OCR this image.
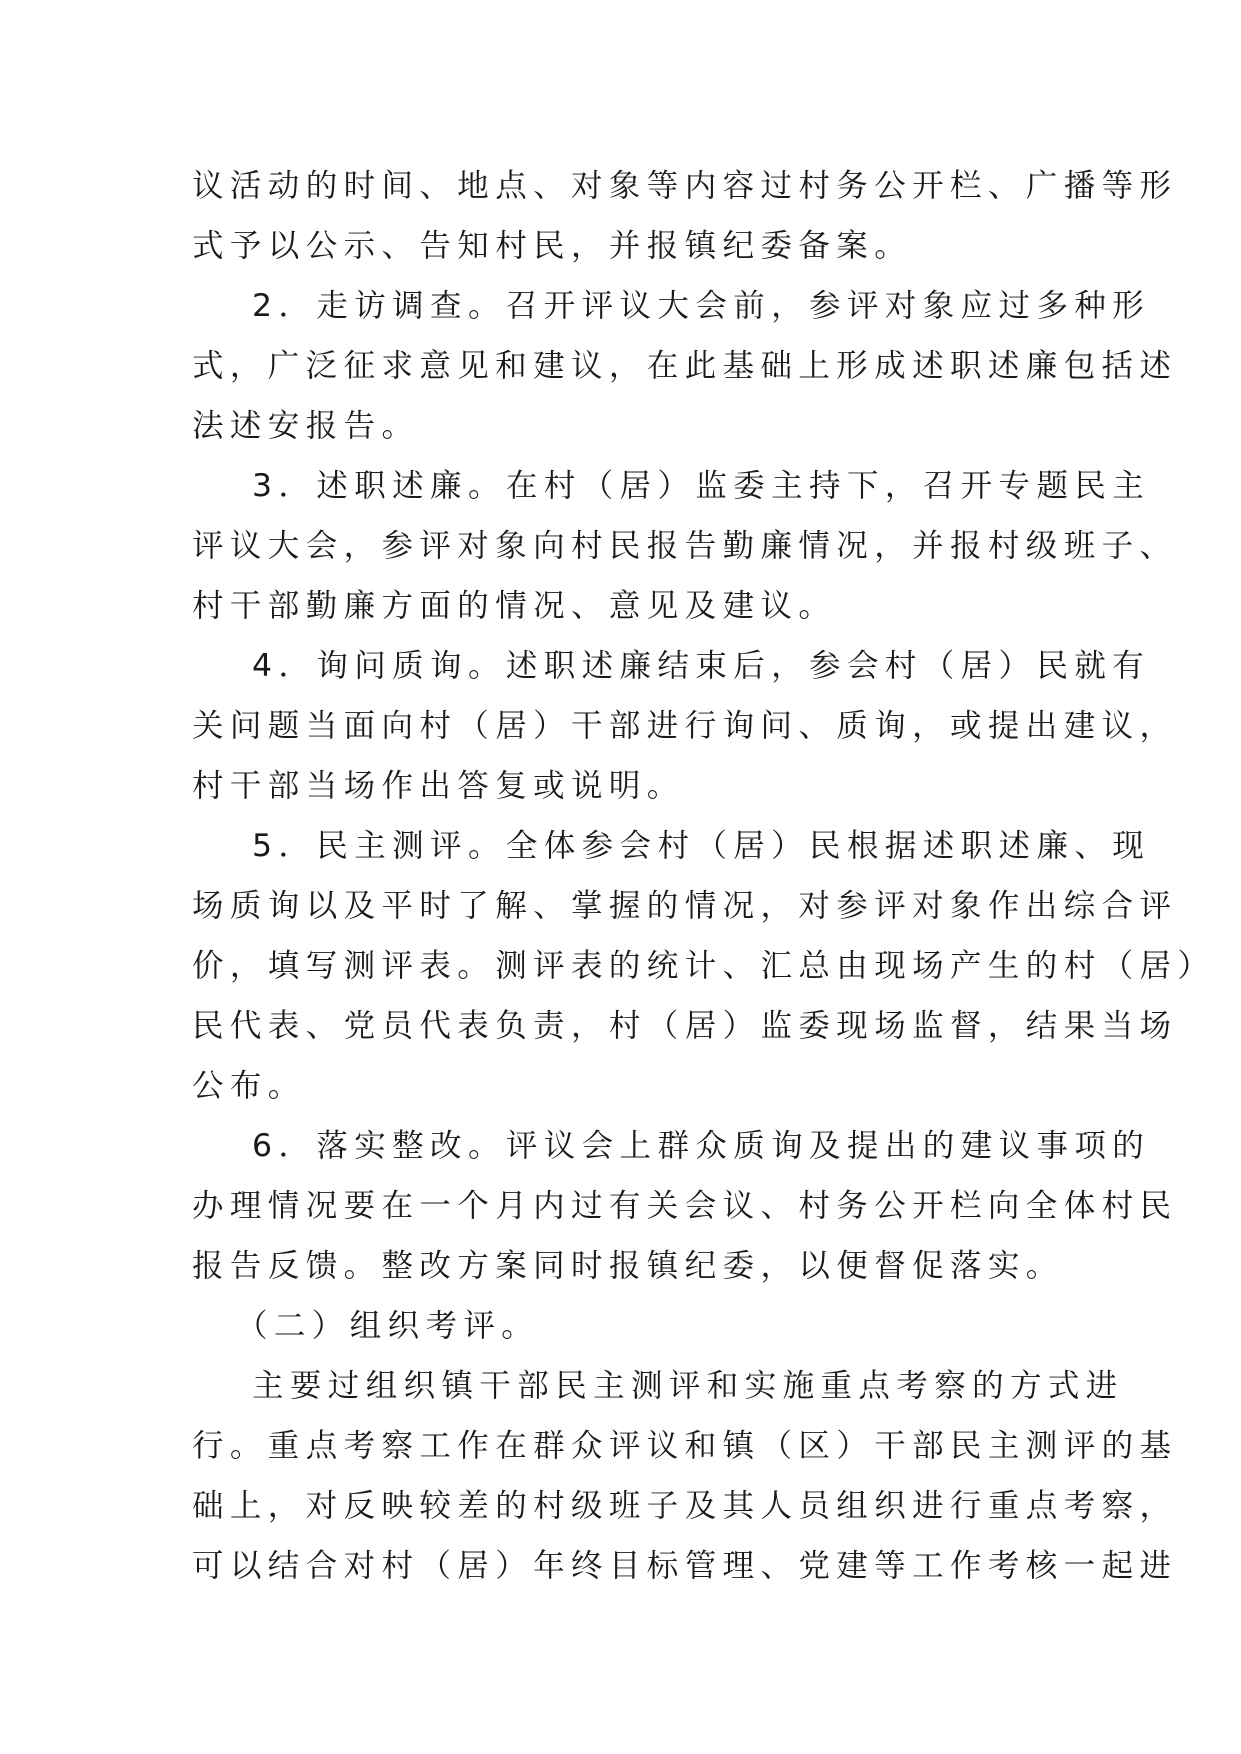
议活动的时间、地点、对象等内容过村务公开栏、广播等形
式予以公示、告知村民，并报镇纪委备案。
2．走访调查。召开评议大会前，参评对象应过多种形
式，广泛征求意见和建议，在此基础上形成述职述廉包括述
法述安报告。
3．述职述廉。在村（居）监委主持下，召开专题民主
评议大会，参评对象向村民报告勤廉情况，并报村级班子、
村干部勤廉方面的情况、意见及建议。
4．询问质询。述职述廉结束后，参会村（居）民就有
关问题当面向村（居）干部进行询问、质询，或提出建议，
村干部当场作出答复或说明。
5．民主测评。全体参会村（居）民根据述职述廉、现
场质询以及平时了解、掌握的情况，对参评对象作出综合评
价，填写测评表。测评表的统计、汇总由现场产生的村（居）
民代表、党员代表负责，村（居）监委现场监督，结果当场
公布。
6．落实整改。评议会上群众质询及提出的建议事项的
办理情况要在一个月内过有关会议、村务公开栏向全体村民
报告反馈。整改方案同时报镇纪委，以便督促落实。
（二）组织考评。
主要过组织镇干部民主测评和实施重点考察的方式进
行。重点考察工作在群众评议和镇（区）干部民主测评的基
础上，对反映较差的村级班子及其人员组织进行重点考察，
可以结合对村（居）年终目标管理、党建等工作考核一起进
